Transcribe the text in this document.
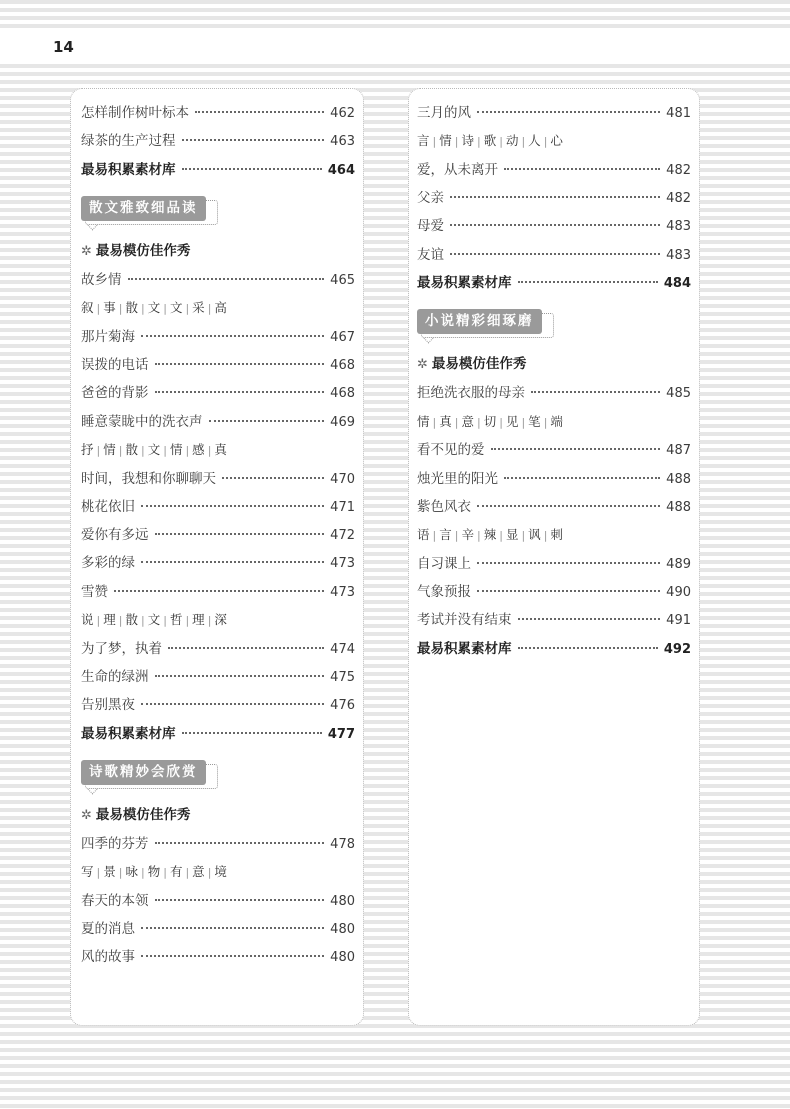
14
怎样制作树叶标本	462
绿茶的生产过程	463
最易积累素材库	464
散文雅致细品读
✲ 最易模仿佳作秀
故乡情	465
叙 | 事 | 散 | 文 | 文 | 采 | 高
那片菊海	467
误拨的电话	468
爸爸的背影	468
睡意蒙眬中的洗衣声	469
抒 | 情 | 散 | 文 | 情 | 感 | 真
时间，我想和你聊聊天	470
桃花依旧	471
爱你有多远	472
多彩的绿	473
雪赞	473
说 | 理 | 散 | 文 | 哲 | 理 | 深
为了梦，执着	474
生命的绿洲	475
告别黑夜	476
最易积累素材库	477
诗歌精妙会欣赏
✲ 最易模仿佳作秀
四季的芬芳	478
写 | 景 | 咏 | 物 | 有 | 意 | 境
春天的本领	480
夏的消息	480
风的故事	480
三月的风	481
言 | 情 | 诗 | 歌 | 动 | 人 | 心
爱，从未离开	482
父亲	482
母爱	483
友谊	483
最易积累素材库	484
小说精彩细琢磨
✲ 最易模仿佳作秀
拒绝洗衣服的母亲	485
情 | 真 | 意 | 切 | 见 | 笔 | 端
看不见的爱	487
烛光里的阳光	488
紫色风衣	488
语 | 言 | 辛 | 辣 | 显 | 讽 | 刺
自习课上	489
气象预报	490
考试并没有结束	491
最易积累素材库	492
